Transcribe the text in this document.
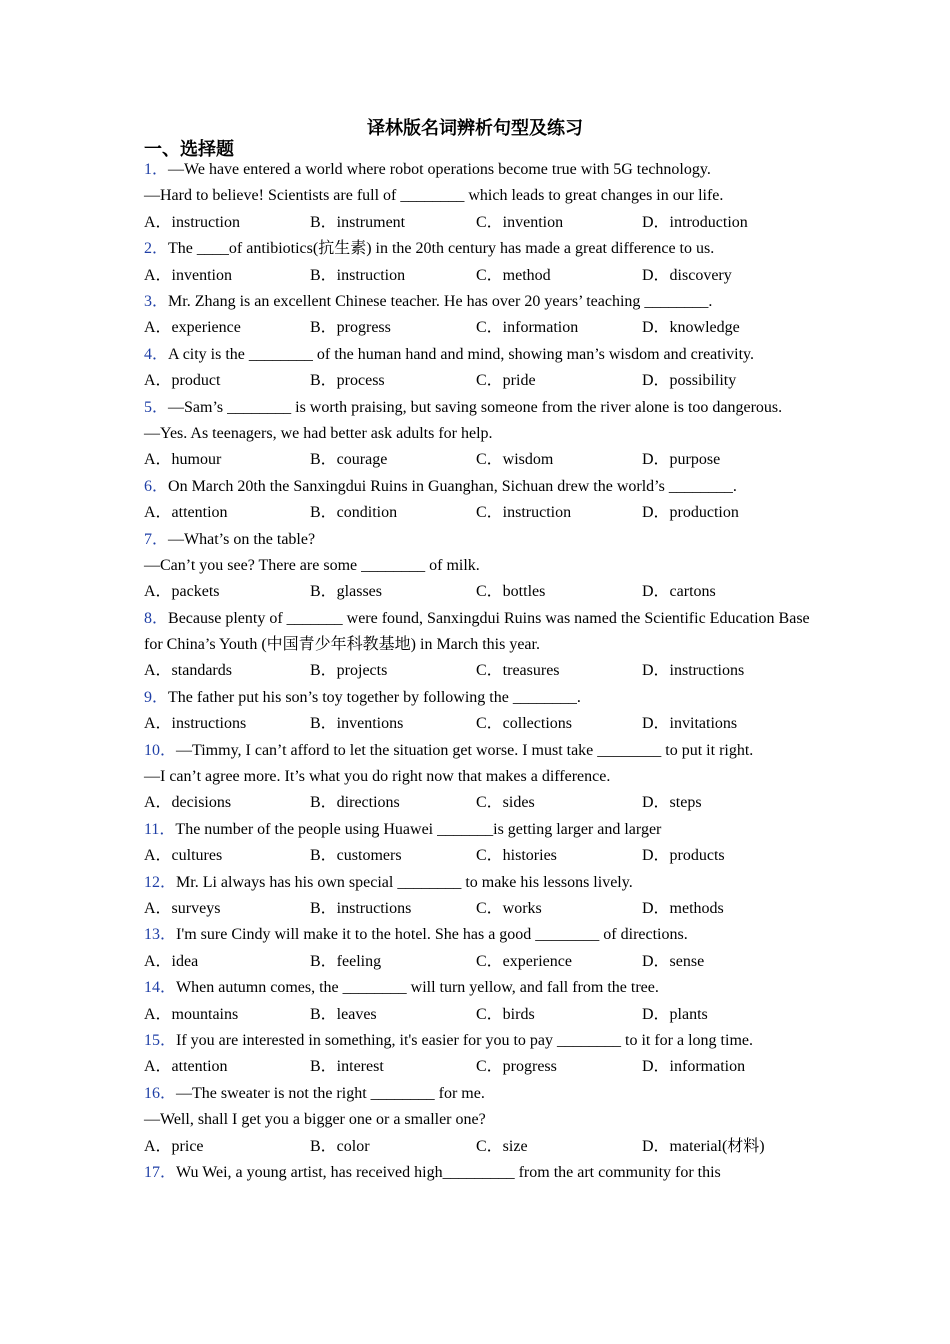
译林版名词辨析句型及练习
一、选择题
1．—We have entered a world where robot operations become true with 5G technology.
—Hard to believe! Scientists are full of ________ which leads to great changes in our life.
A．instruction	B．instrument	C．invention	D．introduction
2．The ____of antibiotics(抗生素) in the 20th century has made a great difference to us.
A．invention	B．instruction	C．method	D．discovery
3．Mr. Zhang is an excellent Chinese teacher. He has over 20 years’ teaching ________.
A．experience	B．progress	C．information	D．knowledge
4．A city is the ________ of the human hand and mind, showing man’s wisdom and creativity.
A．product	B．process	C．pride	D．possibility
5．—Sam’s ________ is worth praising, but saving someone from the river alone is too dangerous.
—Yes. As teenagers, we had better ask adults for help.
A．humour	B．courage	C．wisdom	D．purpose
6．On March 20th the Sanxingdui Ruins in Guanghan, Sichuan drew the world’s ________.
A．attention	B．condition	C．instruction	D．production
7．—What’s on the table?
—Can’t you see? There are some ________ of milk.
A．packets	B．glasses	C．bottles	D．cartons
8．Because plenty of _______ were found, Sanxingdui Ruins was named the Scientific Education Base for China’s Youth (中国青少年科教基地) in March this year.
A．standards	B．projects	C．treasures	D．instructions
9．The father put his son’s toy together by following the ________.
A．instructions	B．inventions	C．collections	D．invitations
10．—Timmy, I can’t afford to let the situation get worse. I must take ________ to put it right.
—I can’t agree more. It’s what you do right now that makes a difference.
A．decisions	B．directions	C．sides	D．steps
11．The number of the people using Huawei _______is getting larger and larger
A．cultures	B．customers	C．histories	D．products
12．Mr. Li always has his own special ________ to make his lessons lively.
A．surveys	B．instructions	C．works	D．methods
13．I'm sure Cindy will make it to the hotel. She has a good ________ of directions.
A．idea	B．feeling	C．experience	D．sense
14．When autumn comes, the ________ will turn yellow, and fall from the tree.
A．mountains	B．leaves	C．birds	D．plants
15．If you are interested in something, it's easier for you to pay ________ to it for a long time.
A．attention	B．interest	C．progress	D．information
16．—The sweater is not the right ________ for me.
—Well, shall I get you a bigger one or a smaller one?
A．price	B．color	C．size	D．material(材料)
17．Wu Wei, a young artist, has received high_________ from the art community for this
